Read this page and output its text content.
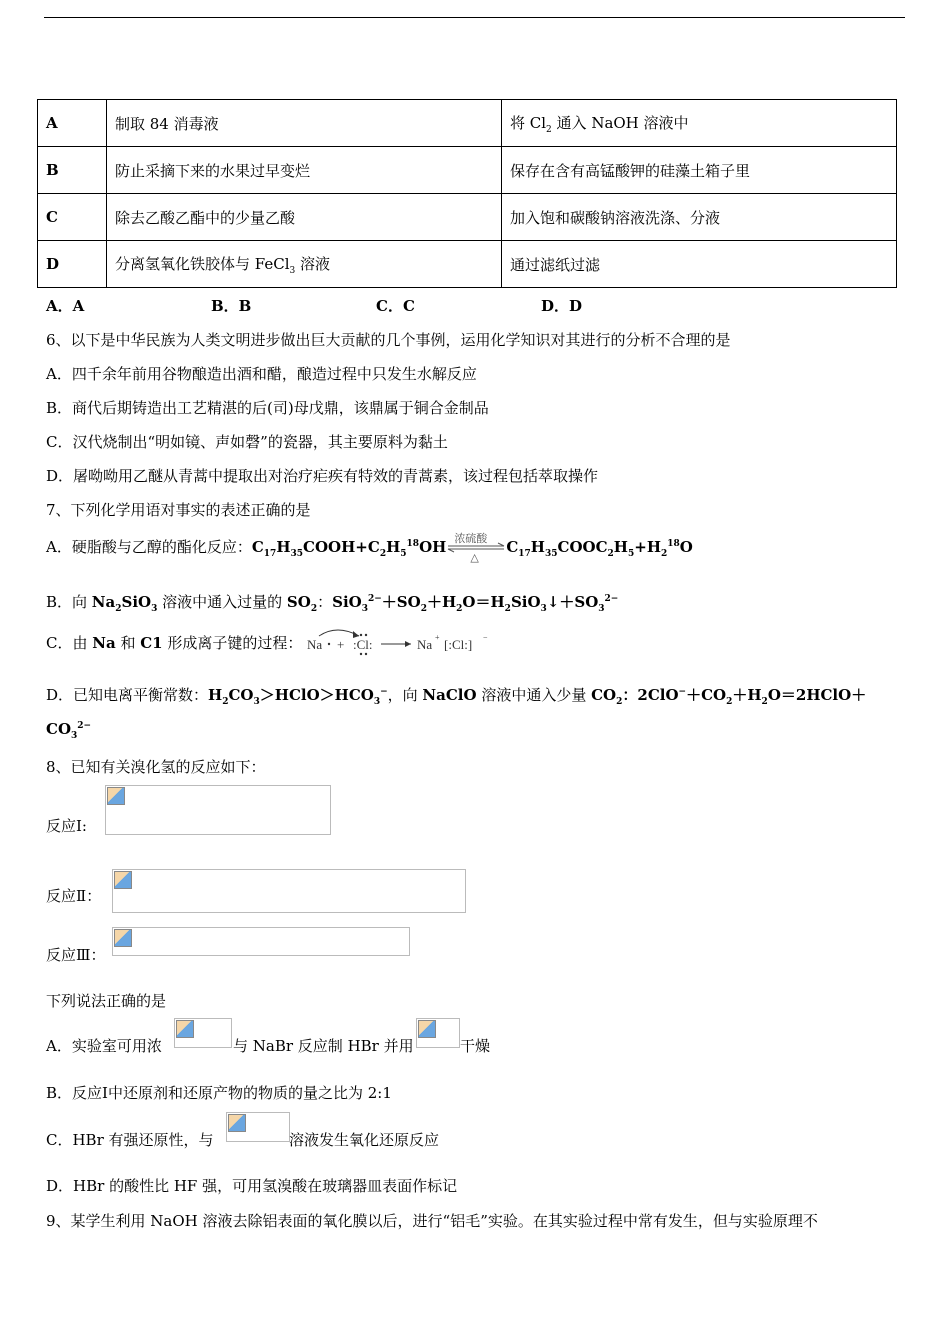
A	制取 84 消毒液	将 $Cl_2$ 通入 NaOH 溶液中
B	防止采摘下来的水果过早变烂	保存在含有高锰酸钾的硅藻土箱子里
C	除去乙酸乙酯中的少量乙酸	加入饱和碳酸钠溶液洗涤、分液
D	分离氢氧化铁胶体与 FeCl$_3$ 溶液	通过滤纸过滤
A．A	B．B	C．C	D．D
6、以下是中华民族为人类文明进步做出巨大贡献的几个事例，运用化学知识对其进行的分析不合理的是
A．四千余年前用谷物酿造出酒和醋，酿造过程中只发生水解反应
B．商代后期铸造出工艺精湛的后(司)母戊鼎，该鼎属于铜合金制品
C．汉代烧制出“明如镜、声如磬”的瓷器，其主要原料为黏土
D．屠呦呦用乙醚从青蒿中提取出对治疗疟疾有特效的青蒿素，该过程包括萃取操作
7、下列化学用语对事实的表述正确的是
A．硬脂酸与乙醇的酯化反应：$C_{17}H_{35}COOH+C_2H_5^{18}OH$ 浓硫酸
△
$C_{17}H_{35}COOC_2H_5+H_2^{18}O$
B．向 $Na_2SiO_3$ 溶液中通入过量的 $SO_2$：$SiO_3^{2-}+SO_2+H_2O=H_2SiO_3↓+SO_3^{2-}$
C．由 Na 和 C1 形成离子键的过程： Na + :Cl:	Na + [:Cl:] −
D．已知电离平衡常数：$H_2CO_3>HClO>HCO_3^-$，向 NaClO 溶液中通入少量 $CO_2$：$2ClO^-+CO_2+H_2O=2HClO+$
$CO_3^{2-}$
8、已知有关溴化氢的反应如下：
反应Ⅰ:
反应Ⅱ：
反应Ⅲ：
下列说法正确的是
A．实验室可用浓	与 NaBr 反应制 HBr 并用	干燥
B．反应Ⅰ中还原剂和还原产物的物质的量之比为 2:1
C．HBr 有强还原性，与	溶液发生氧化还原反应
D．HBr 的酸性比 HF 强，可用氢溴酸在玻璃器皿表面作标记
9、某学生利用 NaOH 溶液去除铝表面的氧化膜以后，进行“铝毛”实验。在其实验过程中常有发生，但与实验原理不
